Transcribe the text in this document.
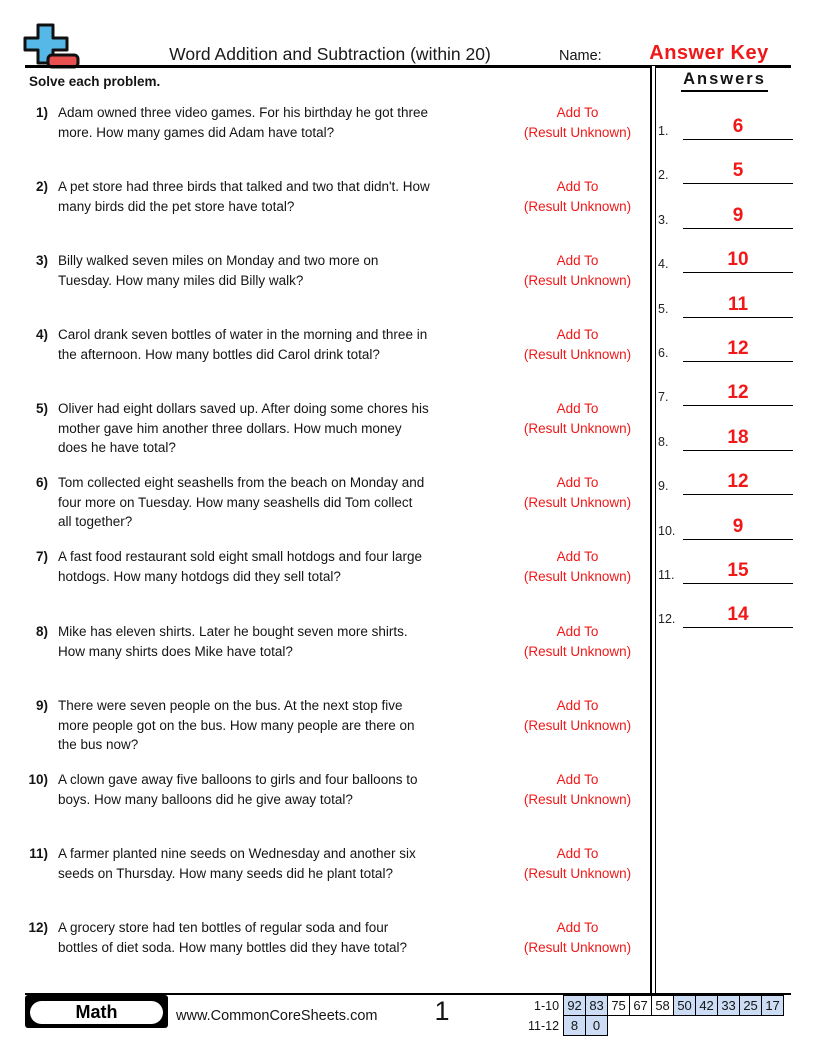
Word Addition and Subtraction (within 20)	Name:	Answer Key
Solve each problem.
1) Adam owned three video games. For his birthday he got three
more. How many games did Adam have total?
Add To
(Result Unknown)
2) A pet store had three birds that talked and two that didn't. How
many birds did the pet store have total?
Add To
(Result Unknown)
3) Billy walked seven miles on Monday and two more on
Tuesday. How many miles did Billy walk?
Add To
(Result Unknown)
4) Carol drank seven bottles of water in the morning and three in
the afternoon. How many bottles did Carol drink total?
Add To
(Result Unknown)
5) Oliver had eight dollars saved up. After doing some chores his
mother gave him another three dollars. How much money
does he have total?
Add To
(Result Unknown)
6) Tom collected eight seashells from the beach on Monday and
four more on Tuesday. How many seashells did Tom collect
all together?
Add To
(Result Unknown)
7) A fast food restaurant sold eight small hotdogs and four large
hotdogs. How many hotdogs did they sell total?
Add To
(Result Unknown)
8) Mike has eleven shirts. Later he bought seven more shirts.
How many shirts does Mike have total?
Add To
(Result Unknown)
9) There were seven people on the bus. At the next stop five
more people got on the bus. How many people are there on
the bus now?
Add To
(Result Unknown)
10) A clown gave away five balloons to girls and four balloons to
boys. How many balloons did he give away total?
Add To
(Result Unknown)
11) A farmer planted nine seeds on Wednesday and another six
seeds on Thursday. How many seeds did he plant total?
Add To
(Result Unknown)
12) A grocery store had ten bottles of regular soda and four
bottles of diet soda. How many bottles did they have total?
Add To
(Result Unknown)
Answers
1.	6
2.	5
3.	9
4.	10
5.	11
6.	12
7.	12
8.	18
9.	12
10.	9
11.	15
12.	14
Math	www.CommonCoreSheets.com	1	1-10	92	83	75	67	58	50	42	33	25	17
11-12	8	0								
